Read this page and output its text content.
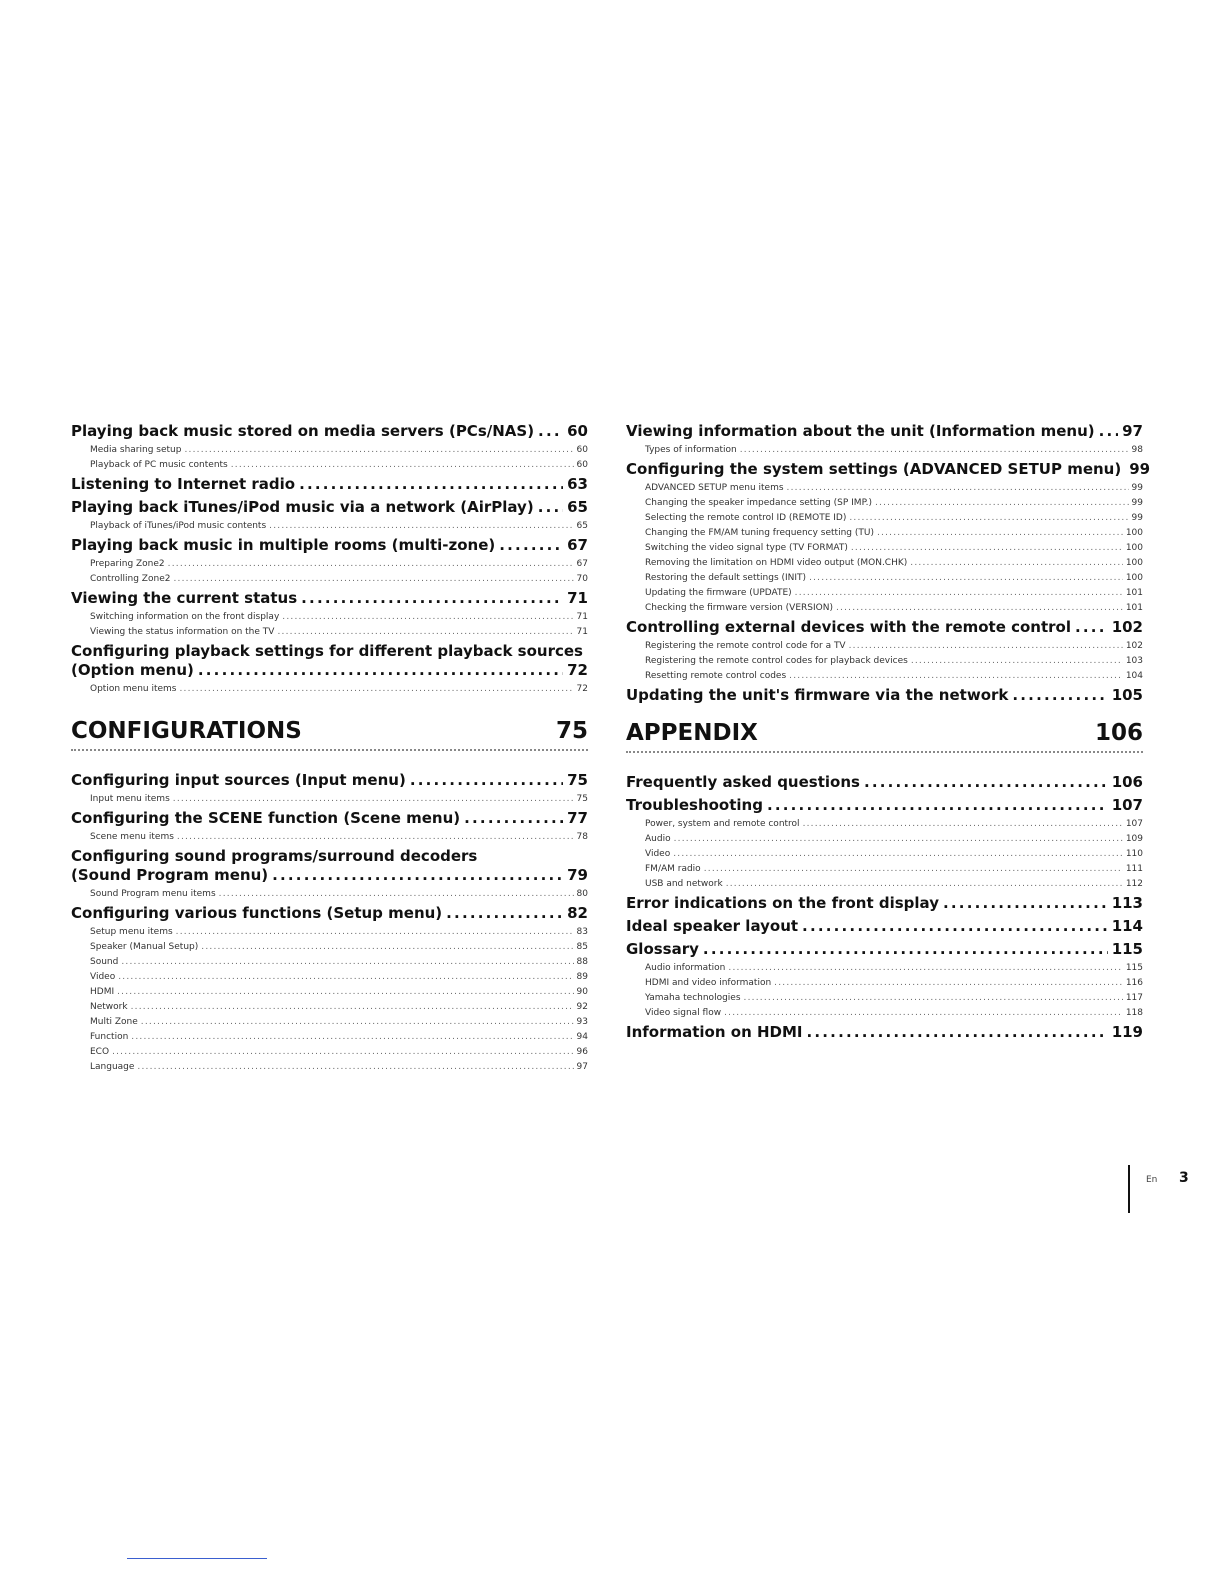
Playing back music stored on media servers (PCs/NAS) ..... 60
Media sharing setup .....	60
Playback of PC music contents .....	60
Listening to Internet radio .....	63
Playing back iTunes/iPod music via a network (AirPlay) ..... 65
Playback of iTunes/iPod music contents .....	65
Playing back music in multiple rooms (multi-zone) .....	67
Preparing Zone2 .....	67
Controlling Zone2 .....	70
Viewing the current status .....	71
Switching information on the front display .....	71
Viewing the status information on the TV .....	71
Configuring playback settings for different playback sources
(Option menu) .....	72
Option menu items .....	72
CONFIGURATIONS	75
Configuring input sources (Input menu) .....	75
Input menu items .....	75
Configuring the SCENE function (Scene menu) .....	77
Scene menu items .....	78
Configuring sound programs/surround decoders
(Sound Program menu) .....	79
Sound Program menu items .....	80
Configuring various functions (Setup menu) .....	82
Setup menu items .....	83
Speaker (Manual Setup) .....	85
Sound .....	88
Video .....	89
HDMI .....	90
Network .....	92
Multi Zone .....	93
Function .....	94
ECO .....	96
Language .....	97
Viewing information about the unit (Information menu) ..... 97
Types of information .....	98
Configuring the system settings (ADVANCED SETUP menu) 99
ADVANCED SETUP menu items .....	99
Changing the speaker impedance setting (SP IMP.) .....	99
Selecting the remote control ID (REMOTE ID) .....	99
Changing the FM/AM tuning frequency setting (TU) .....	100
Switching the video signal type (TV FORMAT) .....	100
Removing the limitation on HDMI video output (MON.CHK) .....	100
Restoring the default settings (INIT) .....	100
Updating the firmware (UPDATE) .....	101
Checking the firmware version (VERSION) .....	101
Controlling external devices with the remote control .....	102
Registering the remote control code for a TV .....	102
Registering the remote control codes for playback devices .....	103
Resetting remote control codes .....	104
Updating the unit's firmware via the network .....	105
APPENDIX	106
Frequently asked questions .....	106
Troubleshooting .....	107
Power, system and remote control .....	107
Audio .....	109
Video .....	110
FM/AM radio .....	111
USB and network .....	112
Error indications on the front display .....	113
Ideal speaker layout .....	114
Glossary .....	115
Audio information .....	115
HDMI and video information .....	116
Yamaha technologies .....	117
Video signal flow .....	118
Information on HDMI .....	119
En 3
